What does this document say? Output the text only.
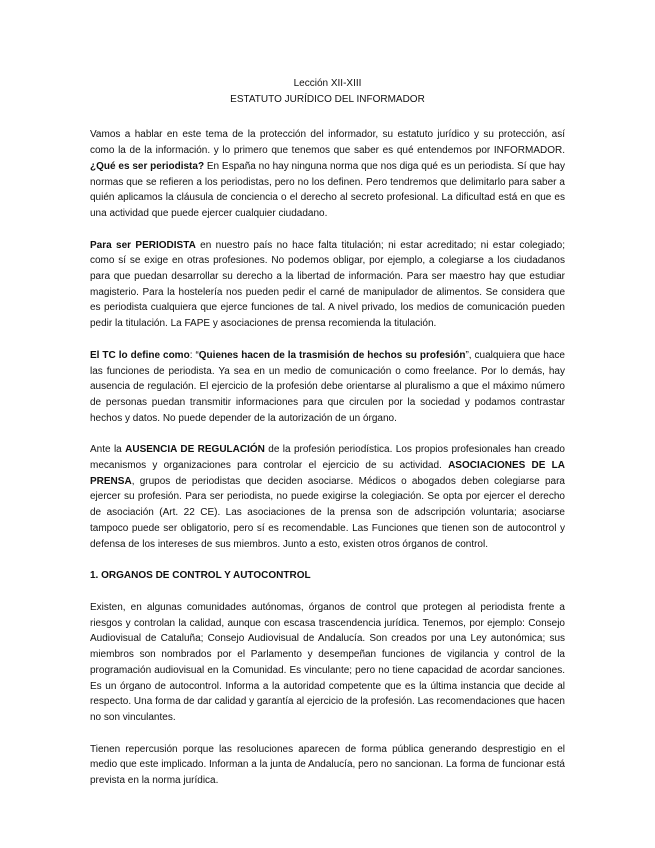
Lección XII-XIII
ESTATUTO JURÍDICO DEL INFORMADOR

Vamos a hablar en este tema de la protección del informador, su estatuto jurídico y su protección, así como la de la información. y lo primero que tenemos que saber es qué entendemos por INFORMADOR. ¿Qué es ser periodista? En España no hay ninguna norma que nos diga qué es un periodista. Sí que hay normas que se refieren a los periodistas, pero no los definen. Pero tendremos que delimitarlo para saber a quién aplicamos la cláusula de conciencia o el derecho al secreto profesional. La dificultad está en que es una actividad que puede ejercer cualquier ciudadano.

Para ser PERIODISTA en nuestro país no hace falta titulación; ni estar acreditado; ni estar colegiado; como sí se exige en otras profesiones. No podemos obligar, por ejemplo, a colegiarse a los ciudadanos para que puedan desarrollar su derecho a la libertad de información. Para ser maestro hay que estudiar magisterio. Para la hostelería nos pueden pedir el carné de manipulador de alimentos. Se considera que es periodista cualquiera que ejerce funciones de tal. A nivel privado, los medios de comunicación pueden pedir la titulación. La FAPE y asociaciones de prensa recomienda la titulación.

El TC lo define como: “Quienes hacen de la trasmisión de hechos su profesión”, cualquiera que hace las funciones de periodista. Ya sea en un medio de comunicación o como freelance. Por lo demás, hay ausencia de regulación. El ejercicio de la profesión debe orientarse al pluralismo a que el máximo número de personas puedan transmitir informaciones para que circulen por la sociedad y podamos contrastar hechos y datos. No puede depender de la autorización de un órgano.

Ante la AUSENCIA DE REGULACIÓN de la profesión periodística. Los propios profesionales han creado mecanismos y organizaciones para controlar el ejercicio de su actividad. ASOCIACIONES DE LA PRENSA, grupos de periodistas que deciden asociarse. Médicos o abogados deben colegiarse para ejercer su profesión. Para ser periodista, no puede exigirse la colegiación. Se opta por ejercer el derecho de asociación (Art. 22 CE). Las asociaciones de la prensa son de adscripción voluntaria; asociarse tampoco puede ser obligatorio, pero sí es recomendable. Las Funciones que tienen son de autocontrol y defensa de los intereses de sus miembros. Junto a esto, existen otros órganos de control.

1. ORGANOS DE CONTROL Y AUTOCONTROL

Existen, en algunas comunidades autónomas, órganos de control que protegen al periodista frente a riesgos y controlan la calidad, aunque con escasa trascendencia jurídica. Tenemos, por ejemplo: Consejo Audiovisual de Cataluña; Consejo Audiovisual de Andalucía. Son creados por una Ley autonómica; sus miembros son nombrados por el Parlamento y desempeñan funciones de vigilancia y control de la programación audiovisual en la Comunidad. Es vinculante; pero no tiene capacidad de acordar sanciones. Es un órgano de autocontrol. Informa a la autoridad competente que es la última instancia que decide al respecto. Una forma de dar calidad y garantía al ejercicio de la profesión. Las recomendaciones que hacen no son vinculantes.

Tienen repercusión porque las resoluciones aparecen de forma pública generando desprestigio en el medio que este implicado. Informan a la junta de Andalucía, pero no sancionan. La forma de funcionar está prevista en la norma jurídica.
